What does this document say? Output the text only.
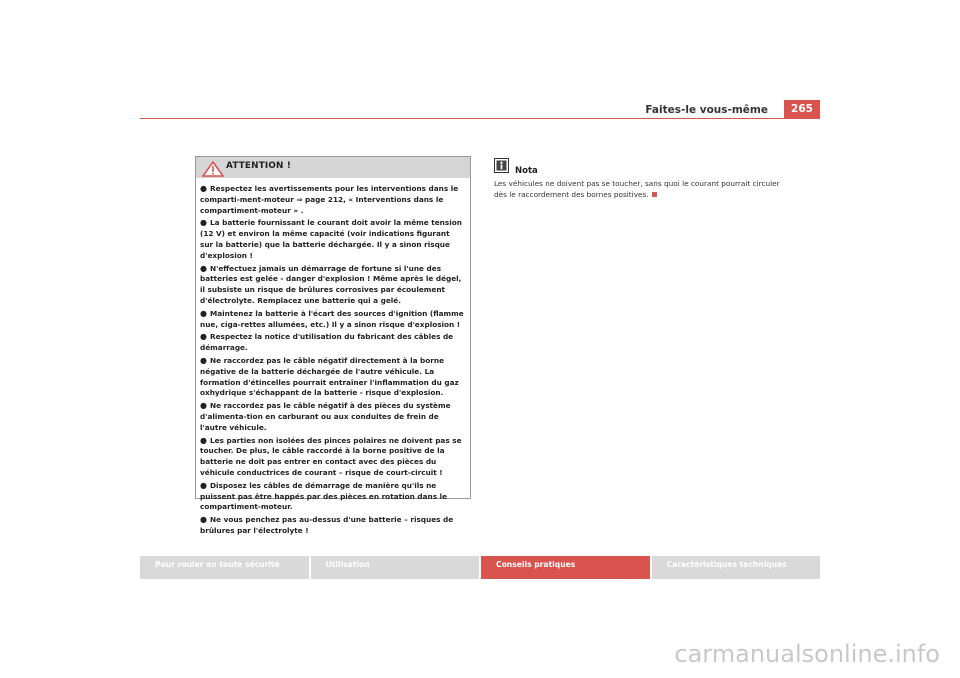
Faites-le vous-même	265
ATTENTION !
● Respectez les avertissements pour les interventions dans le comparti-ment-moteur ⇒ page 212, « Interventions dans le compartiment-moteur » .
● La batterie fournissant le courant doit avoir la même tension (12 V) et environ la même capacité (voir indications figurant sur la batterie) que la batterie déchargée. Il y a sinon risque d'explosion !
● N'effectuez jamais un démarrage de fortune si l'une des batteries est gelée - danger d'explosion ! Même après le dégel, il subsiste un risque de brûlures corrosives par écoulement d'électrolyte. Remplacez une batterie qui a gelé.
● Maintenez la batterie à l'écart des sources d'ignition (flamme nue, ciga-rettes allumées, etc.) Il y a sinon risque d'explosion !
● Respectez la notice d'utilisation du fabricant des câbles de démarrage.
● Ne raccordez pas le câble négatif directement à la borne négative de la batterie déchargée de l'autre véhicule. La formation d'étincelles pourrait entraîner l'inflammation du gaz oxhydrique s'échappant de la batterie - risque d'explosion.
● Ne raccordez pas le câble négatif à des pièces du système d'alimenta-tion en carburant ou aux conduites de frein de l'autre véhicule.
● Les parties non isolées des pinces polaires ne doivent pas se toucher. De plus, le câble raccordé à la borne positive de la batterie ne doit pas entrer en contact avec des pièces du véhicule conductrices de courant – risque de court-circuit !
● Disposez les câbles de démarrage de manière qu'ils ne puissent pas être happés par des pièces en rotation dans le compartiment-moteur.
● Ne vous penchez pas au-dessus d'une batterie – risques de brûlures par l'électrolyte !
Nota
Les véhicules ne doivent pas se toucher, sans quoi le courant pourrait circuler dès le raccordement des bornes positives.
Pour rouler en toute sécurité	Utilisation	Conseils pratiques	Caractéristiques techniques
carmanualsonline.info
